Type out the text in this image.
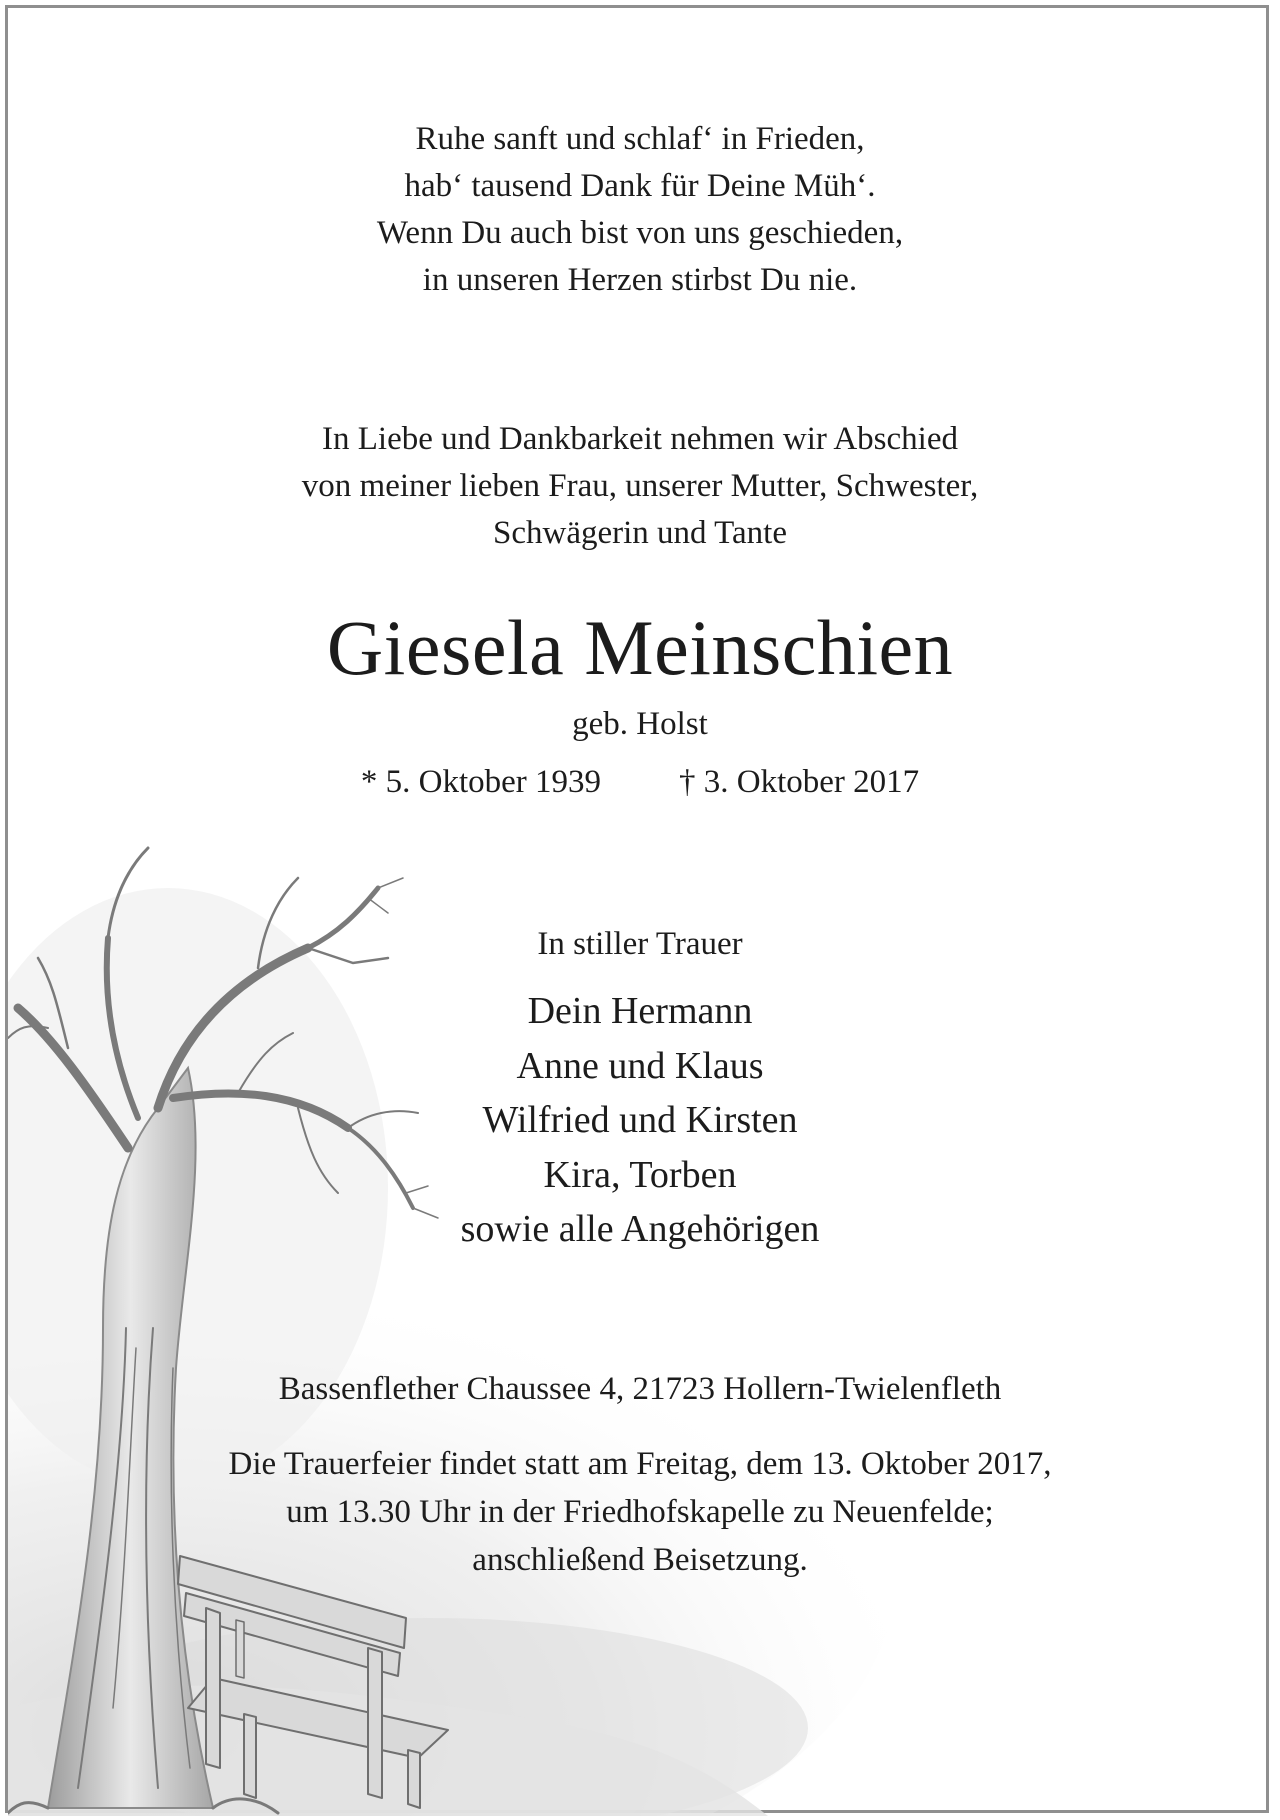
Ruhe sanft und schlaf‘ in Frieden,
hab‘ tausend Dank für Deine Müh‘.
Wenn Du auch bist von uns geschieden,
in unseren Herzen stirbst Du nie.
In Liebe und Dankbarkeit nehmen wir Abschied
von meiner lieben Frau, unserer Mutter, Schwester,
Schwägerin und Tante
Giesela Meinschien
geb. Holst
* 5. Oktober 1939 † 3. Oktober 2017
In stiller Trauer
Dein Hermann
Anne und Klaus
Wilfried und Kirsten
Kira, Torben
sowie alle Angehörigen
Bassenflether Chaussee 4, 21723 Hollern-Twielenfleth
Die Trauerfeier findet statt am Freitag, dem 13. Oktober 2017,
um 13.30 Uhr in der Friedhofskapelle zu Neuenfelde;
anschließend Beisetzung.
